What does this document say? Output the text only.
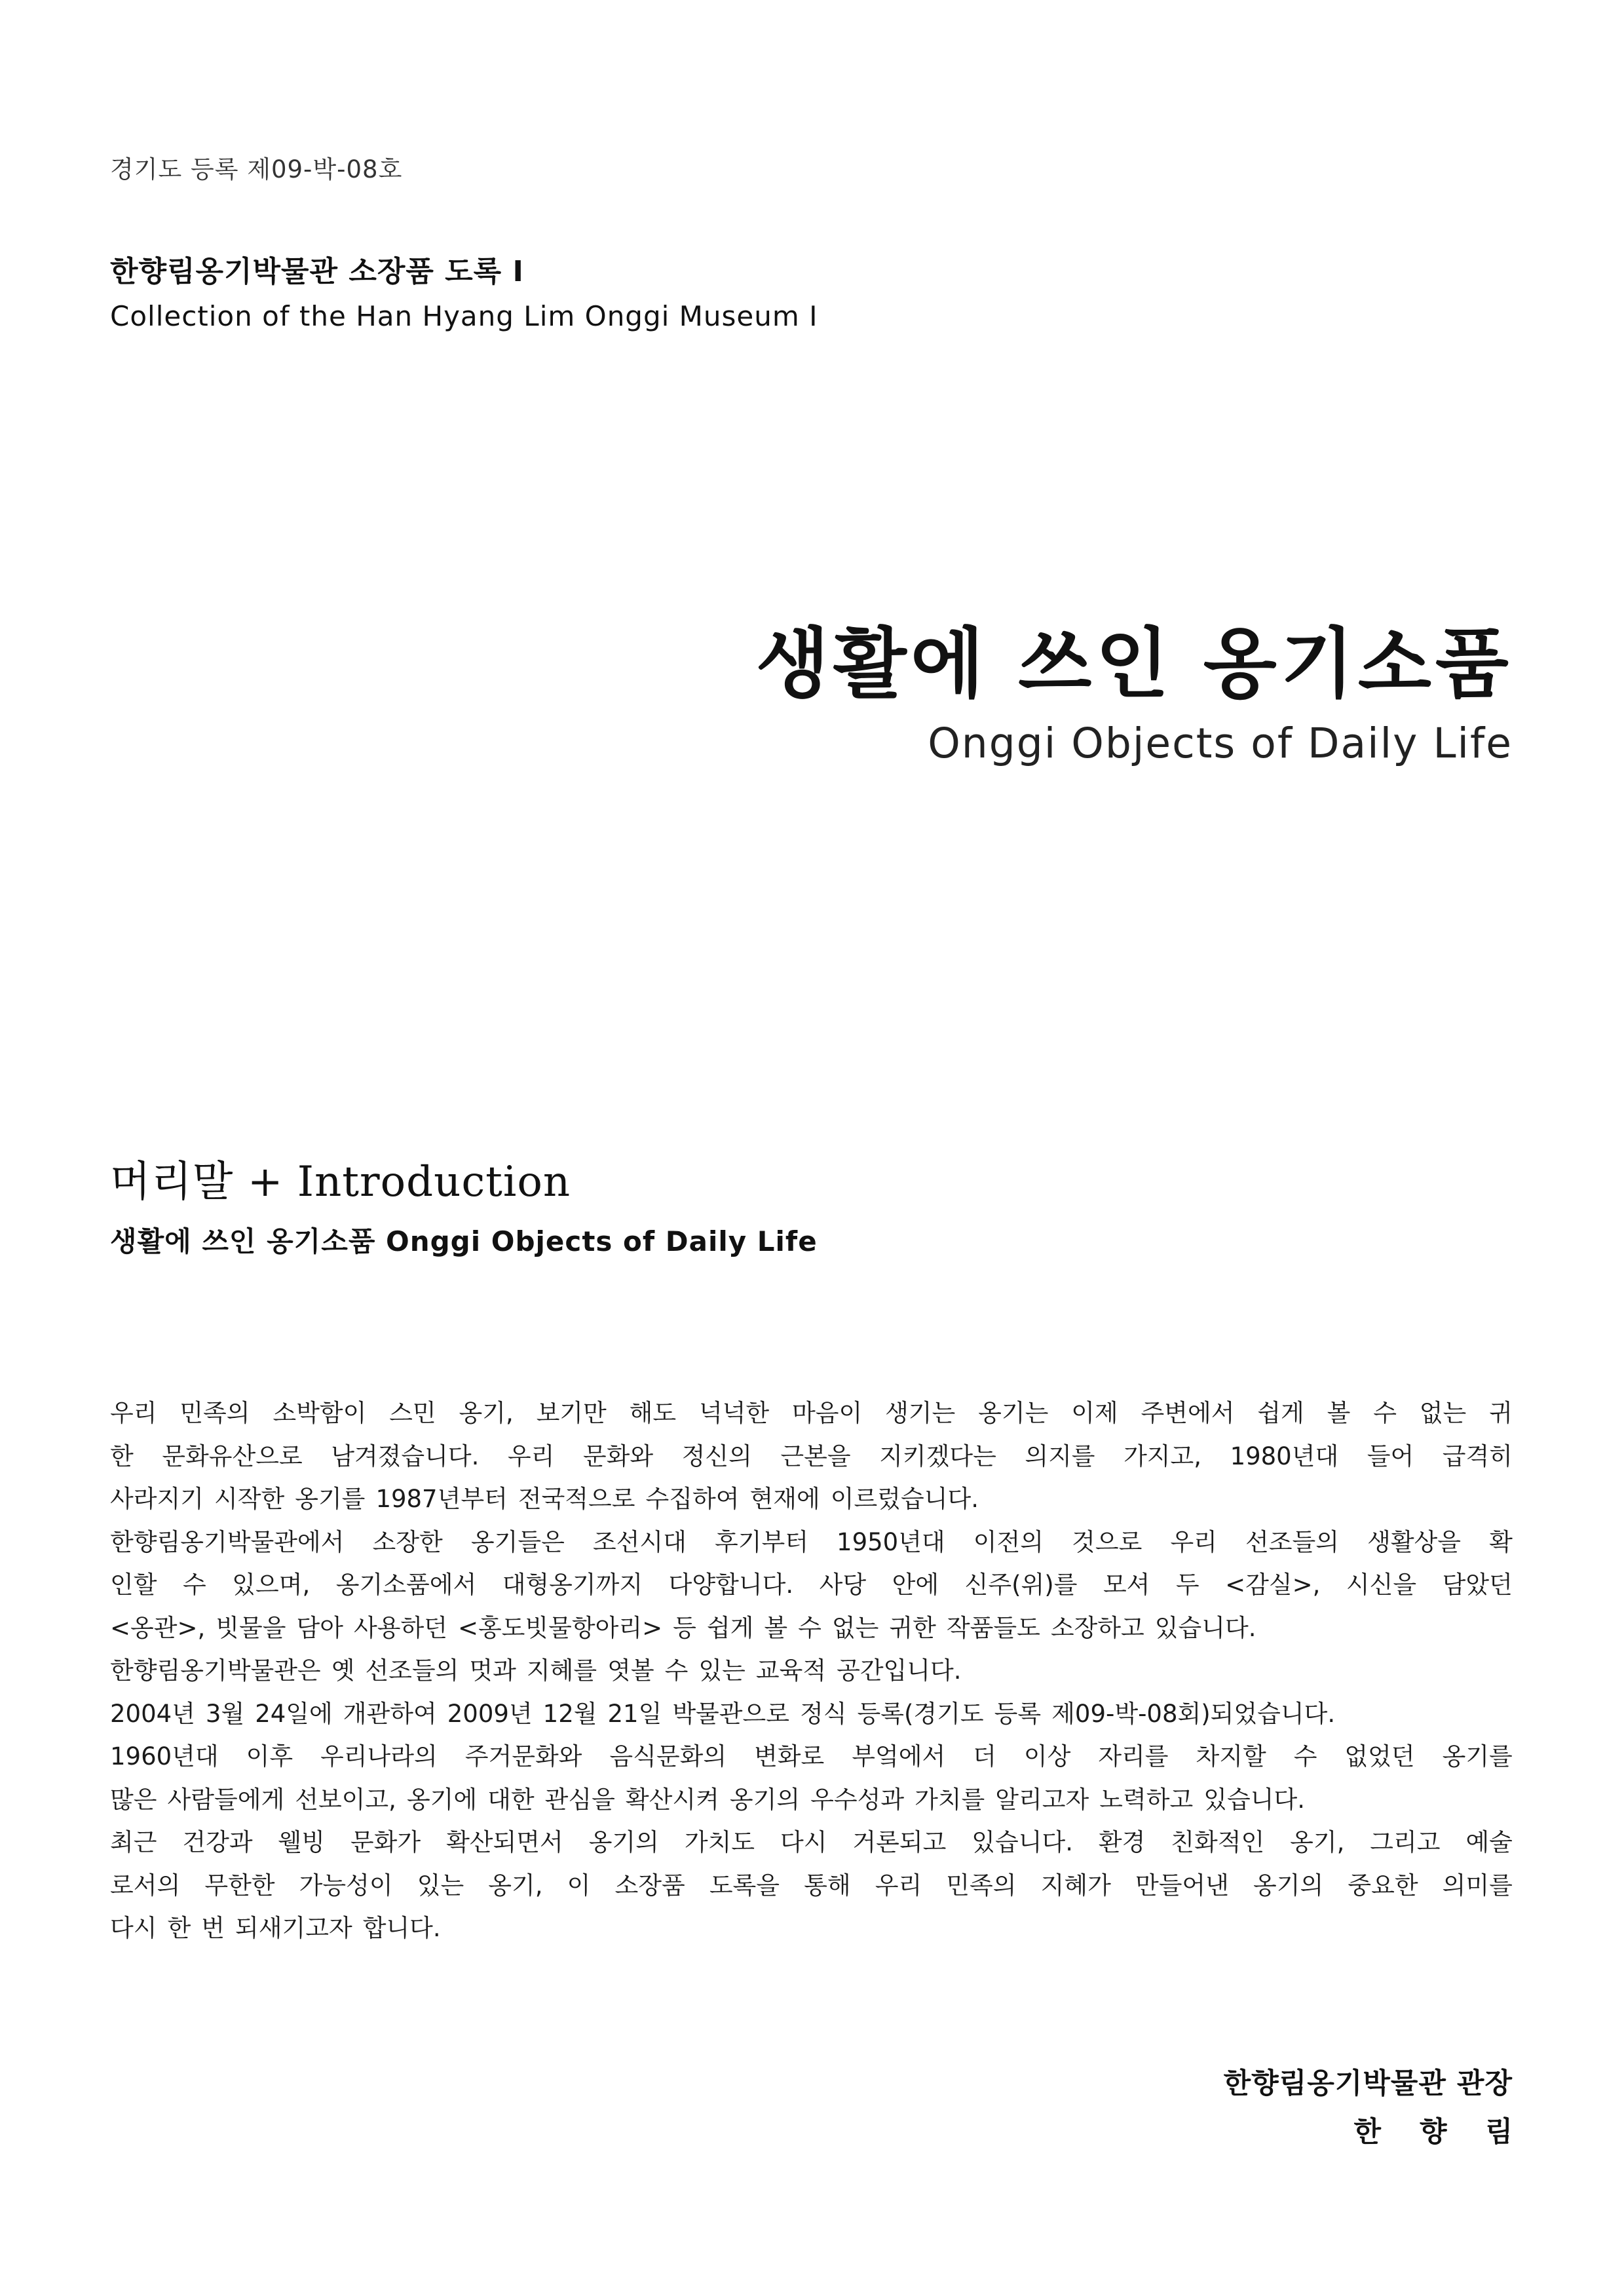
경기도 등록 제09-박-08호
한향림옹기박물관 소장품 도록 I
Collection of the Han Hyang Lim Onggi Museum I
생활에 쓰인 옹기소품
Onggi Objects of Daily Life
머리말 + Introduction
생활에 쓰인 옹기소품 Onggi Objects of Daily Life
우리 민족의 소박함이 스민 옹기, 보기만 해도 넉넉한 마음이 생기는 옹기는 이제 주변에서 쉽게 볼 수 없는 귀
한 문화유산으로 남겨졌습니다. 우리 문화와 정신의 근본을 지키겠다는 의지를 가지고, 1980년대 들어 급격히
사라지기 시작한 옹기를 1987년부터 전국적으로 수집하여 현재에 이르렀습니다.
한향림옹기박물관에서 소장한 옹기들은 조선시대 후기부터 1950년대 이전의 것으로 우리 선조들의 생활상을 확
인할 수 있으며, 옹기소품에서 대형옹기까지 다양합니다. 사당 안에 신주(위)를 모셔 두 <감실>, 시신을 담았던
<옹관>, 빗물을 담아 사용하던 <홍도빗물항아리> 등 쉽게 볼 수 없는 귀한 작품들도 소장하고 있습니다.
한향림옹기박물관은 옛 선조들의 멋과 지혜를 엿볼 수 있는 교육적 공간입니다.
2004년 3월 24일에 개관하여 2009년 12월 21일 박물관으로 정식 등록(경기도 등록 제09-박-08회)되었습니다.
1960년대 이후 우리나라의 주거문화와 음식문화의 변화로 부엌에서 더 이상 자리를 차지할 수 없었던 옹기를
많은 사람들에게 선보이고, 옹기에 대한 관심을 확산시켜 옹기의 우수성과 가치를 알리고자 노력하고 있습니다.
최근 건강과 웰빙 문화가 확산되면서 옹기의 가치도 다시 거론되고 있습니다. 환경 친화적인 옹기, 그리고 예술
로서의 무한한 가능성이 있는 옹기, 이 소장품 도록을 통해 우리 민족의 지혜가 만들어낸 옹기의 중요한 의미를
다시 한 번 되새기고자 합니다.
한향림옹기박물관 관장
한 향 림
